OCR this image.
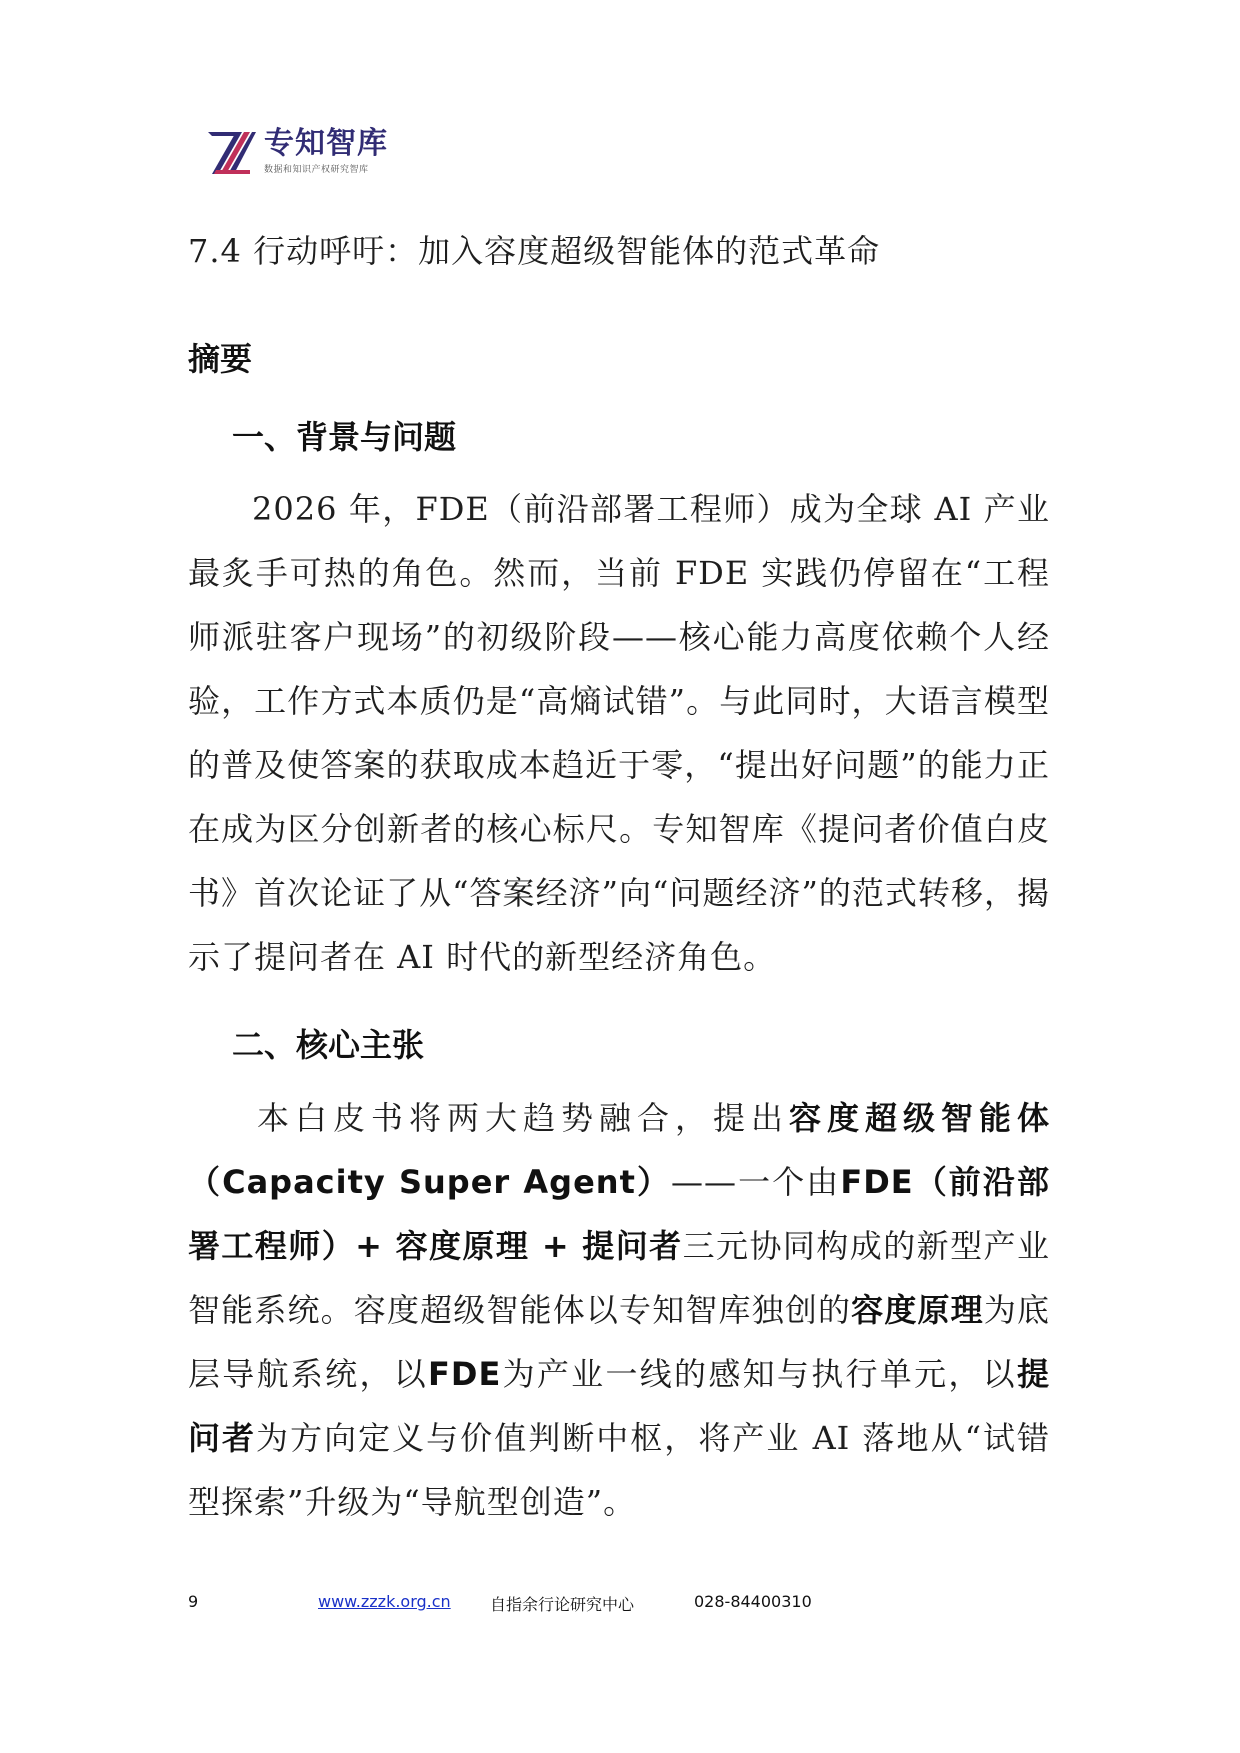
专知智库
数据和知识产权研究智库
7.4 行动呼吁：加入容度超级智能体的范式革命
摘要
一、背景与问题
2026 年，FDE（前沿部署工程师）成为全球 AI 产业最炙手可热的角色。然而，当前 FDE 实践仍停留在“工程师派驻客户现场”的初级阶段——核心能力高度依赖个人经验，工作方式本质仍是“高熵试错”。与此同时，大语言模型的普及使答案的获取成本趋近于零，“提出好问题”的能力正在成为区分创新者的核心标尺。专知智库《提问者价值白皮书》首次论证了从“答案经济”向“问题经济”的范式转移，揭示了提问者在 AI 时代的新型经济角色。
二、核心主张
本白皮书将两大趋势融合，提出容度超级智能体（Capacity Super Agent）——一个由FDE（前沿部署工程师）+ 容度原理 + 提问者三元协同构成的新型产业智能系统。容度超级智能体以专知智库独创的容度原理为底层导航系统，以FDE为产业一线的感知与执行单元，以提问者为方向定义与价值判断中枢，将产业 AI 落地从“试错型探索”升级为“导航型创造”。
9	www.zzzk.org.cn 自指余行论研究中心	028-84400310
